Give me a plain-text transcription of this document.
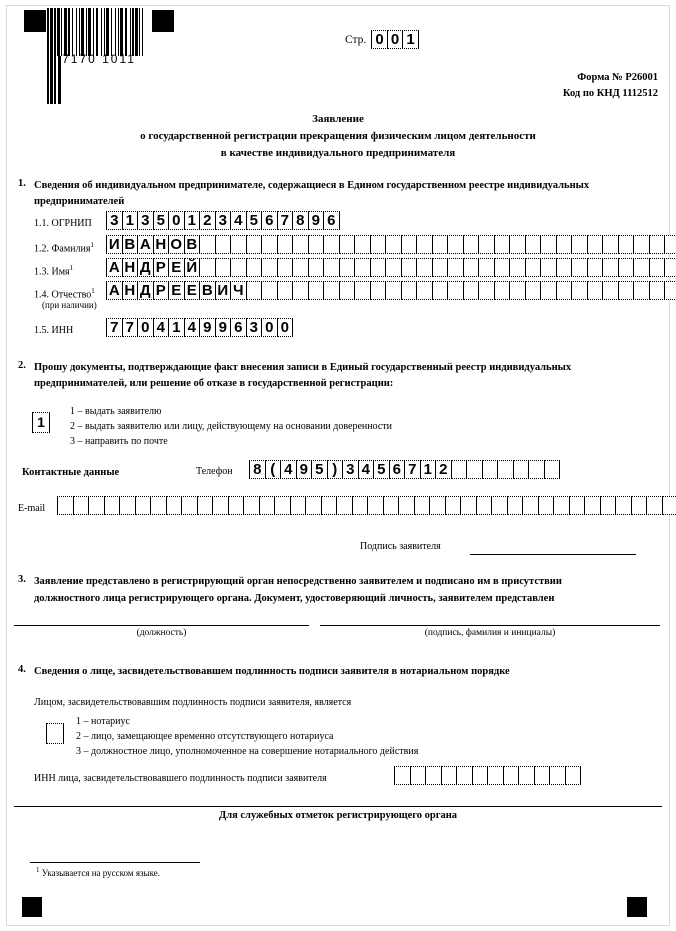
7170 1011
Стр. 0 0 1
Форма № Р26001
Код по КНД 1112512
Заявление
о государственной регистрации прекращения физическим лицом деятельности
в качестве индивидуального предпринимателя
1. Сведения об индивидуальном предпринимателе, содержащиеся в Едином государственном реестре индивидуальных
предпринимателей
1.1. ОГРНИП 3 1 3 5 0 1 2 3 4 5 6 7 8 9 6
1.2. Фамилия$^1$ И В А Н О В
1.3. Имя$^1$ А Н Д Р Е Й
1.4. Отчество$^1$
(при наличии)
А Н Д Р Е Е В И Ч
1.5. ИНН 7 7 0 4 1 4 9 9 6 3 0 0
2. Прошу документы, подтверждающие факт внесения записи в Единый государственный реестр индивидуальных
предпринимателей, или решение об отказе в государственной регистрации:
1
1 – выдать заявителю
2 – выдать заявителю или лицу, действующему на основании доверенности
3 – направить по почте
Контактные данные	Телефон 8 ( 4 9 5 ) 3 4 5 6 7 1 2
E-mail
Подпись заявителя
3. Заявление представлено в регистрирующий орган непосредственно заявителем и подписано им в присутствии
должностного лица регистрирующего органа. Документ, удостоверяющий личность, заявителем представлен
(должность)	(подпись, фамилия и инициалы)
4. Сведения о лице, засвидетельствовавшем подлинность подписи заявителя в нотариальном порядке
Лицом, засвидетельствовавшим подлинность подписи заявителя, является
1 – нотариус
2 – лицо, замещающее временно отсутствующего нотариуса
3 – должностное лицо, уполномоченное на совершение нотариального действия
ИНН лица, засвидетельствовавшего подлинность подписи заявителя
Для служебных отметок регистрирующего органа
$^1$ Указывается на русском языке.
